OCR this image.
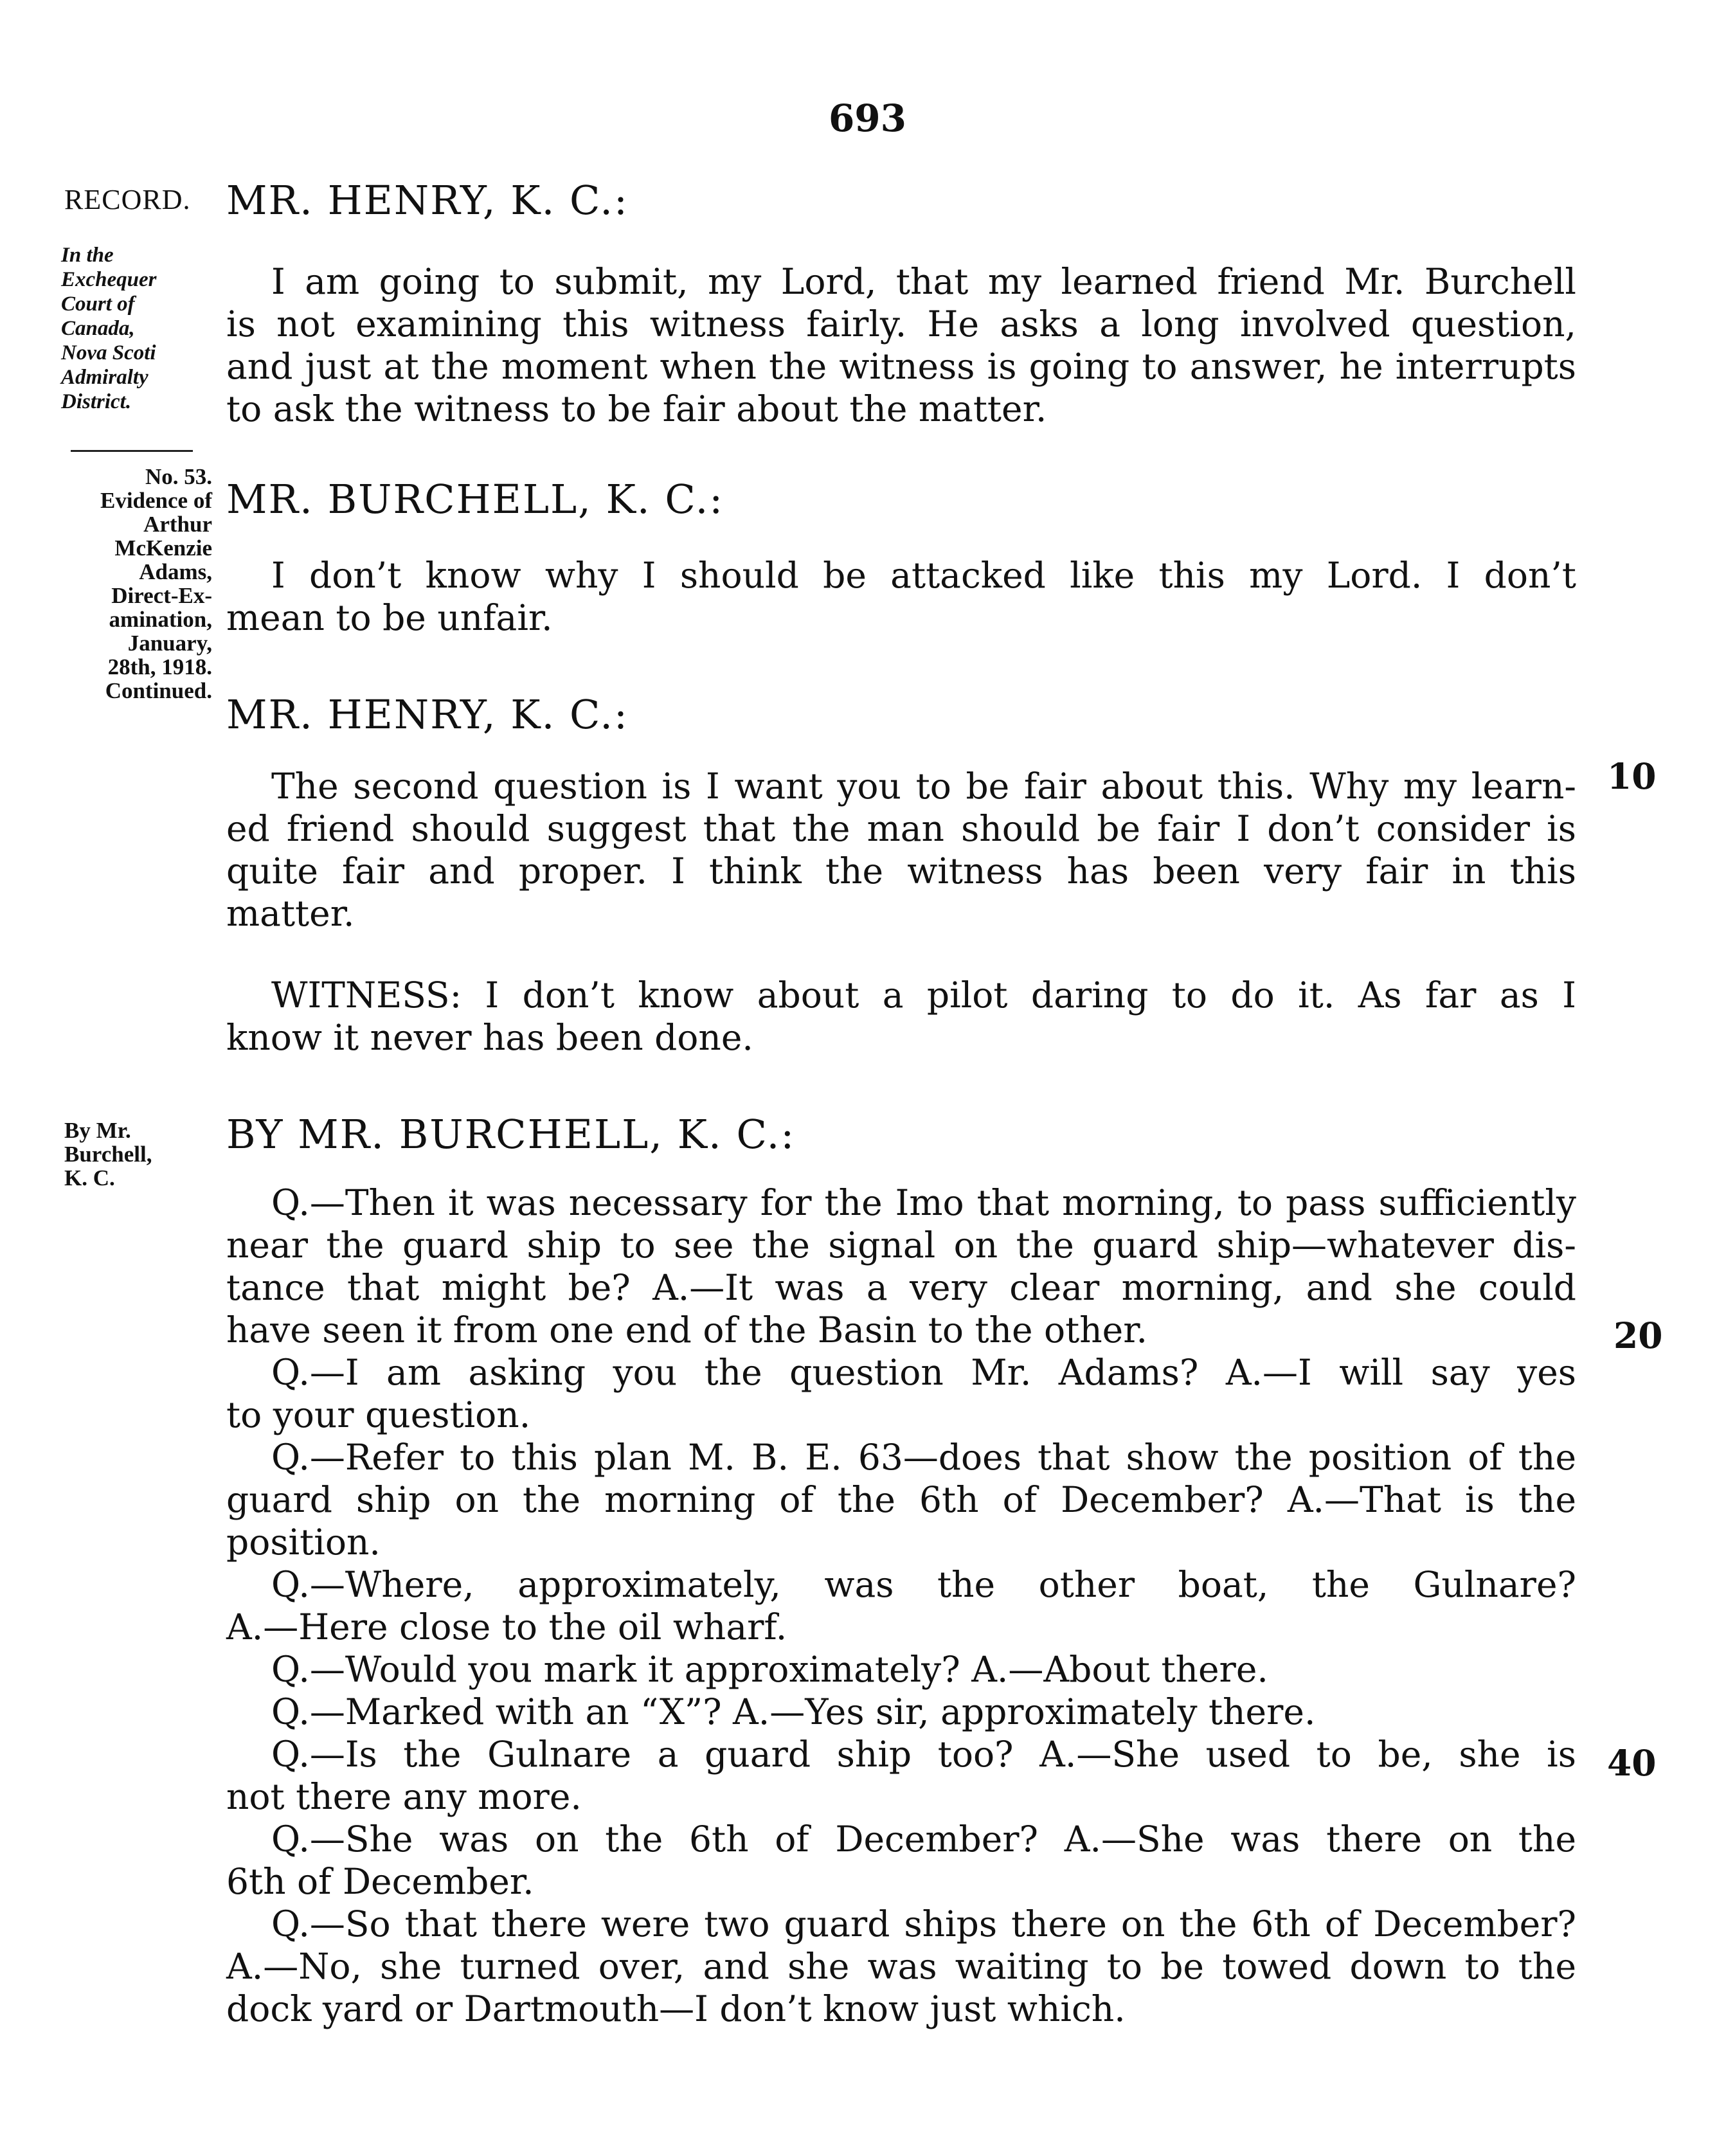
693
RECORD.
In the
Exchequer
Court of
Canada,
Nova Scoti
Admiralty
District.
No. 53.
Evidence of
Arthur
McKenzie
Adams,
Direct-Ex-
amination,
January,
28th, 1918.
Continued.
By Mr.
Burchell,
K. C.
10
20
40
MR. HENRY, K. C.:
I am going to submit, my Lord, that my learned friend Mr. Burchell
is not examining this witness fairly. He asks a long involved question,
and just at the moment when the witness is going to answer, he interrupts
to ask the witness to be fair about the matter.
MR. BURCHELL, K. C.:
I don’t know why I should be attacked like this my Lord. I don’t
mean to be unfair.
MR. HENRY, K. C.:
The second question is I want you to be fair about this. Why my learn-
ed friend should suggest that the man should be fair I don’t consider is
quite fair and proper. I think the witness has been very fair in this
matter.
WITNESS: I don’t know about a pilot daring to do it. As far as I
know it never has been done.
BY MR. BURCHELL, K. C.:
Q.—Then it was necessary for the Imo that morning, to pass sufficiently
near the guard ship to see the signal on the guard ship—whatever dis-
tance that might be? A.—It was a very clear morning, and she could
have seen it from one end of the Basin to the other.
Q.—I am asking you the question Mr. Adams? A.—I will say yes
to your question.
Q.—Refer to this plan M. B. E. 63—does that show the position of the
guard ship on the morning of the 6th of December? A.—That is the
position.
Q.—Where, approximately, was the other boat, the Gulnare?
A.—Here close to the oil wharf.
Q.—Would you mark it approximately? A.—About there.
Q.—Marked with an “X”? A.—Yes sir, approximately there.
Q.—Is the Gulnare a guard ship too? A.—She used to be, she is
not there any more.
Q.—She was on the 6th of December? A.—She was there on the
6th of December.
Q.—So that there were two guard ships there on the 6th of December?
A.—No, she turned over, and she was waiting to be towed down to the
dock yard or Dartmouth—I don’t know just which.
